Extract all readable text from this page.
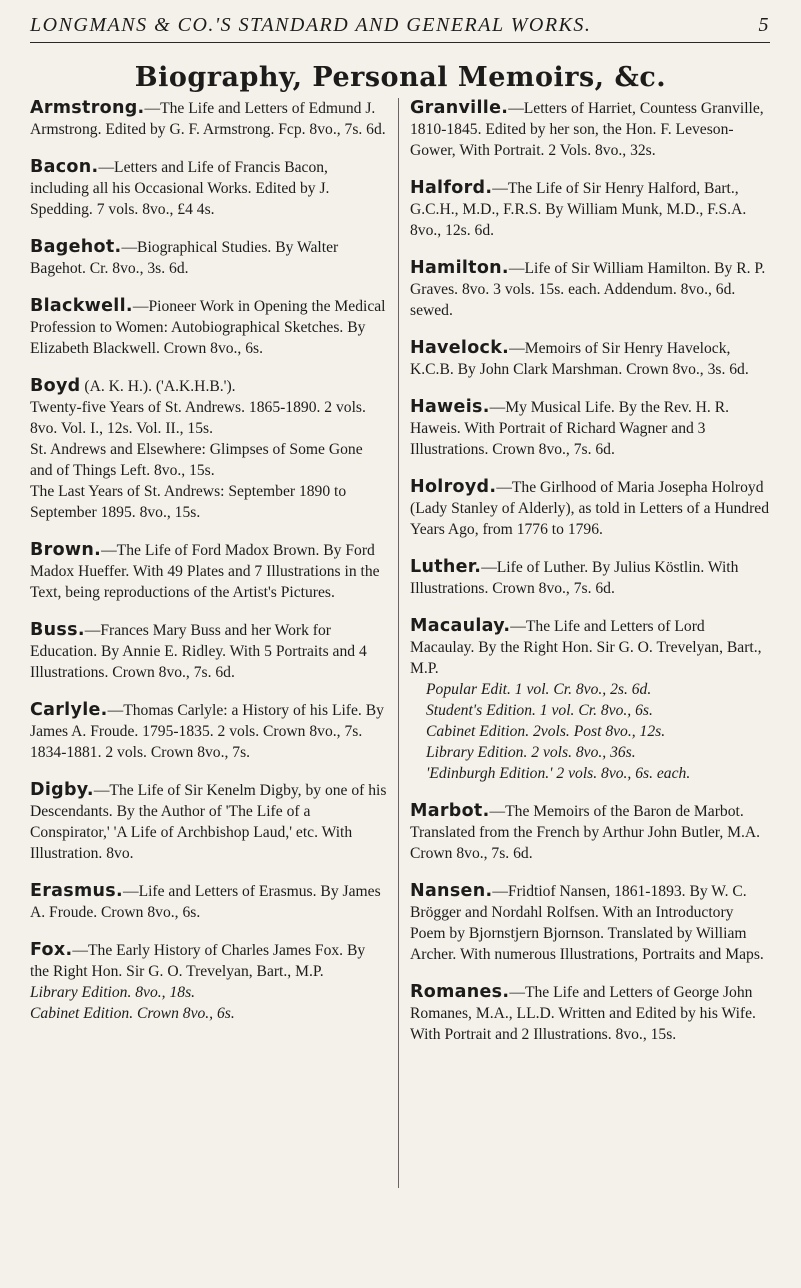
LONGMANS & CO.'S STANDARD AND GENERAL WORKS.	5
Biography, Personal Memoirs, &c.

Armstrong.—The Life and Letters of Edmund J. Armstrong. Edited by G. F. Armstrong. Fcp. 8vo., 7s. 6d.

Bacon.—Letters and Life of Francis Bacon, including all his Occasional Works. Edited by J. Spedding. 7 vols. 8vo., £4 4s.

Bagehot.—Biographical Studies. By Walter Bagehot. Cr. 8vo., 3s. 6d.

Blackwell.—Pioneer Work in Opening the Medical Profession to Women: Autobiographical Sketches. By Elizabeth Blackwell. Crown 8vo., 6s.

Boyd (A. K. H.). ('A.K.H.B.').

Twenty-five Years of St. Andrews. 1865-1890. 2 vols. 8vo. Vol. I., 12s. Vol. II., 15s.

St. Andrews and Elsewhere: Glimpses of Some Gone and of Things Left. 8vo., 15s.

The Last Years of St. Andrews: September 1890 to September 1895. 8vo., 15s.

Brown.—The Life of Ford Madox Brown. By Ford Madox Hueffer. With 49 Plates and 7 Illustrations in the Text, being reproductions of the Artist's Pictures.

Buss.—Frances Mary Buss and her Work for Education. By Annie E. Ridley. With 5 Portraits and 4 Illustrations. Crown 8vo., 7s. 6d.

Carlyle.—Thomas Carlyle: a History of his Life. By James A. Froude. 1795-1835. 2 vols. Crown 8vo., 7s. 1834-1881. 2 vols. Crown 8vo., 7s.

Digby.—The Life of Sir Kenelm Digby, by one of his Descendants. By the Author of 'The Life of a Conspirator,' 'A Life of Archbishop Laud,' etc. With Illustration. 8vo.

Erasmus.—Life and Letters of Erasmus. By James A. Froude. Crown 8vo., 6s.

Fox.—The Early History of Charles James Fox. By the Right Hon. Sir G. O. Trevelyan, Bart., M.P.

Library Edition. 8vo., 18s.

Cabinet Edition. Crown 8vo., 6s.

Granville.—Letters of Harriet, Countess Granville, 1810-1845. Edited by her son, the Hon. F. Leveson-Gower, With Portrait. 2 Vols. 8vo., 32s.

Halford.—The Life of Sir Henry Halford, Bart., G.C.H., M.D., F.R.S. By William Munk, M.D., F.S.A. 8vo., 12s. 6d.

Hamilton.—Life of Sir William Hamilton. By R. P. Graves. 8vo. 3 vols. 15s. each. Addendum. 8vo., 6d. sewed.

Havelock.—Memoirs of Sir Henry Havelock, K.C.B. By John Clark Marshman. Crown 8vo., 3s. 6d.

Haweis.—My Musical Life. By the Rev. H. R. Haweis. With Portrait of Richard Wagner and 3 Illustrations. Crown 8vo., 7s. 6d.

Holroyd.—The Girlhood of Maria Josepha Holroyd (Lady Stanley of Alderly), as told in Letters of a Hundred Years Ago, from 1776 to 1796.

Luther.—Life of Luther. By Julius Köstlin. With Illustrations. Crown 8vo., 7s. 6d.

Macaulay.—The Life and Letters of Lord Macaulay. By the Right Hon. Sir G. O. Trevelyan, Bart., M.P.

Popular Edit. 1 vol. Cr. 8vo., 2s. 6d.

Student's Edition. 1 vol. Cr. 8vo., 6s.

Cabinet Edition. 2vols. Post 8vo., 12s.

Library Edition. 2 vols. 8vo., 36s.

'Edinburgh Edition.' 2 vols. 8vo., 6s. each.

Marbot.—The Memoirs of the Baron de Marbot. Translated from the French by Arthur John Butler, M.A. Crown 8vo., 7s. 6d.

Nansen.—Fridtiof Nansen, 1861-1893. By W. C. Brögger and Nordahl Rolfsen. With an Introductory Poem by Bjornstjern Bjornson. Translated by William Archer. With numerous Illustrations, Portraits and Maps.

Romanes.—The Life and Letters of George John Romanes, M.A., LL.D. Written and Edited by his Wife. With Portrait and 2 Illustrations. 8vo., 15s.
